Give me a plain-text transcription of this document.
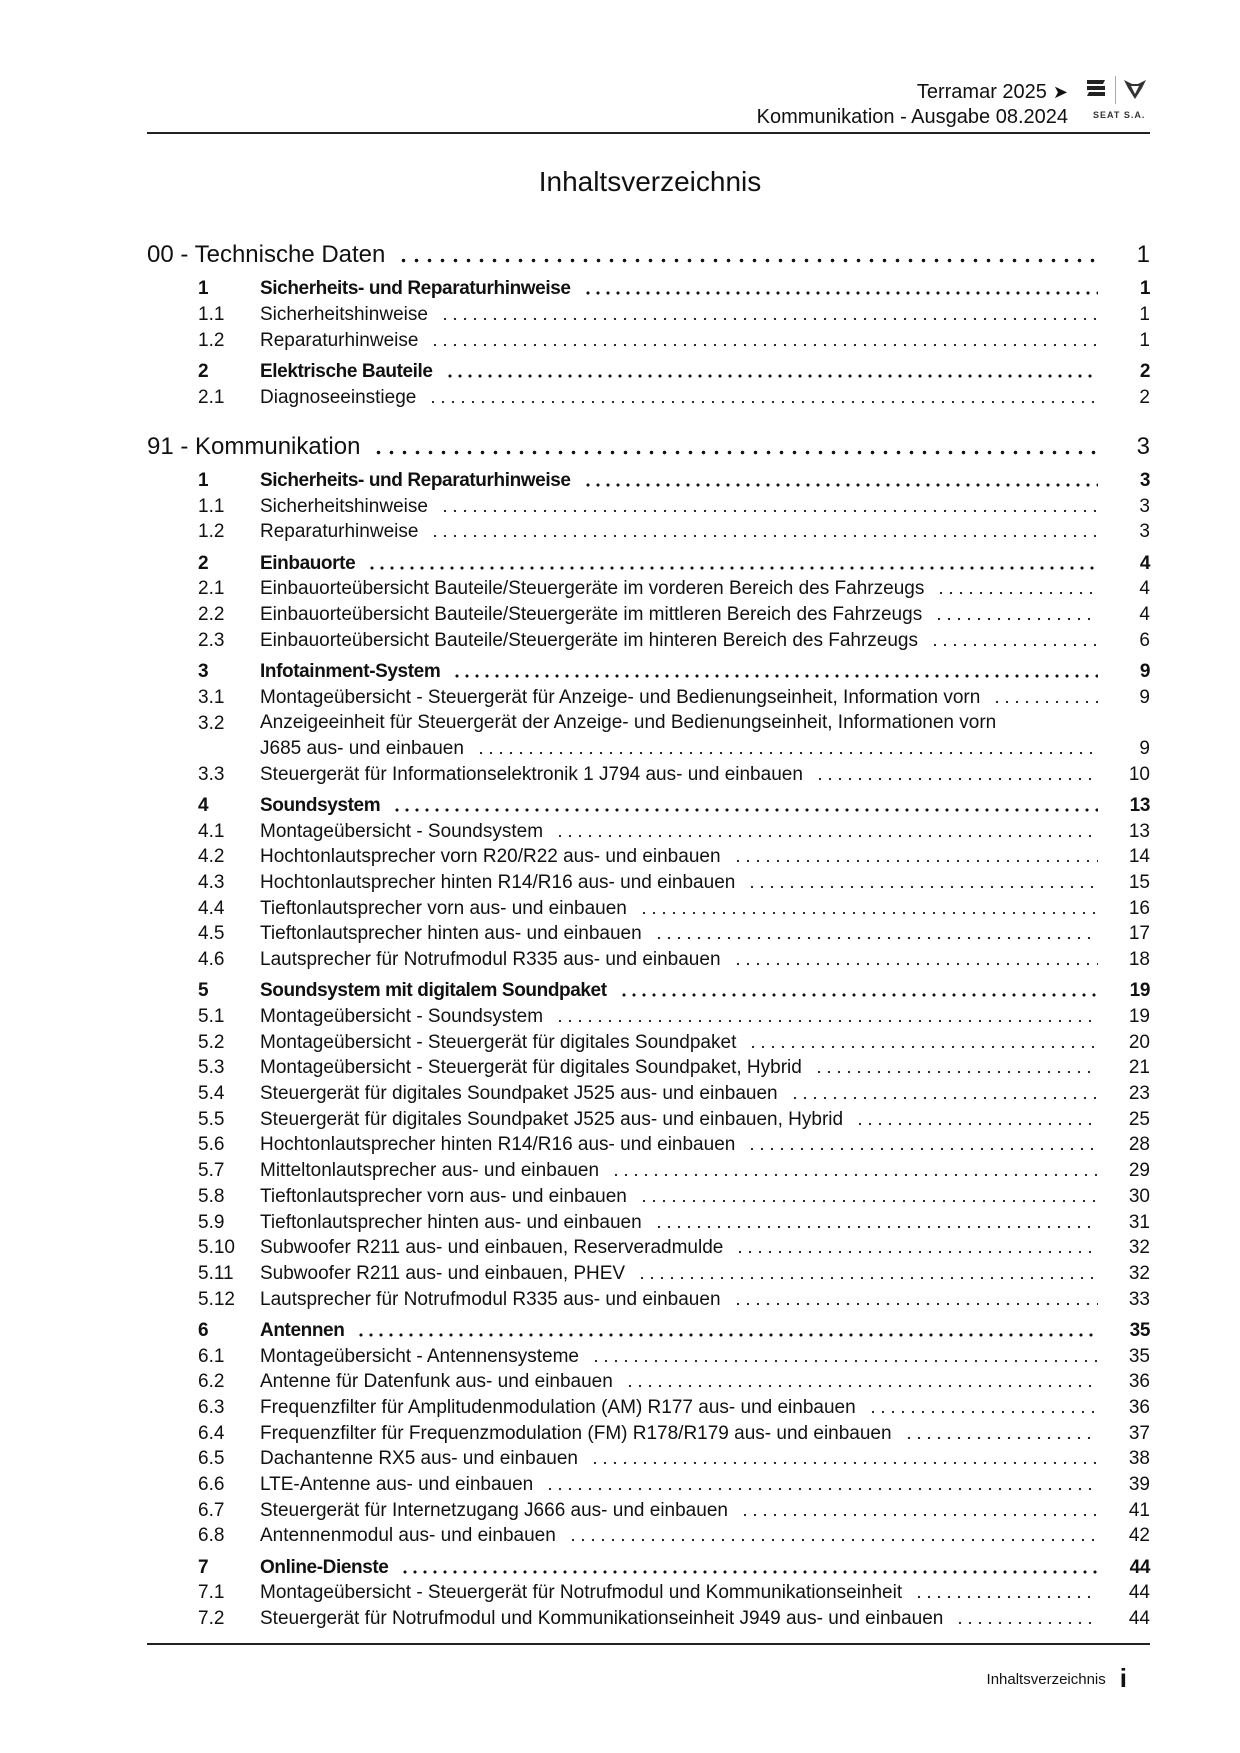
Terramar 2025 ➤
Kommunikation - Ausgabe 08.2024	SEAT S.A.
Inhaltsverzeichnis
00 - Technische Daten	1
1	Sicherheits- und Reparaturhinweise	1
1.1	Sicherheitshinweise	1
1.2	Reparaturhinweise	1
2	Elektrische Bauteile	2
2.1	Diagnoseeinstiege	2
91 - Kommunikation	3
1	Sicherheits- und Reparaturhinweise	3
1.1	Sicherheitshinweise	3
1.2	Reparaturhinweise	3
2	Einbauorte	4
2.1	Einbauorteübersicht Bauteile/Steuergeräte im vorderen Bereich des Fahrzeugs	4
2.2	Einbauorteübersicht Bauteile/Steuergeräte im mittleren Bereich des Fahrzeugs	4
2.3	Einbauorteübersicht Bauteile/Steuergeräte im hinteren Bereich des Fahrzeugs	6
3	Infotainment-System	9
3.1	Montageübersicht - Steuergerät für Anzeige- und Bedienungseinheit, Information vorn	9
3.2	Anzeigeeinheit für Steuergerät der Anzeige- und Bedienungseinheit, Informationen vorn
J685 aus- und einbauen	9
3.3	Steuergerät für Informationselektronik 1 J794 aus- und einbauen	10
4	Soundsystem	13
4.1	Montageübersicht - Soundsystem	13
4.2	Hochtonlautsprecher vorn R20/R22 aus- und einbauen	14
4.3	Hochtonlautsprecher hinten R14/R16 aus- und einbauen	15
4.4	Tieftonlautsprecher vorn aus- und einbauen	16
4.5	Tieftonlautsprecher hinten aus- und einbauen	17
4.6	Lautsprecher für Notrufmodul R335 aus- und einbauen	18
5	Soundsystem mit digitalem Soundpaket	19
5.1	Montageübersicht - Soundsystem	19
5.2	Montageübersicht - Steuergerät für digitales Soundpaket	20
5.3	Montageübersicht - Steuergerät für digitales Soundpaket, Hybrid	21
5.4	Steuergerät für digitales Soundpaket J525 aus- und einbauen	23
5.5	Steuergerät für digitales Soundpaket J525 aus- und einbauen, Hybrid	25
5.6	Hochtonlautsprecher hinten R14/R16 aus- und einbauen	28
5.7	Mitteltonlautsprecher aus- und einbauen	29
5.8	Tieftonlautsprecher vorn aus- und einbauen	30
5.9	Tieftonlautsprecher hinten aus- und einbauen	31
5.10	Subwoofer R211 aus- und einbauen, Reserveradmulde	32
5.11	Subwoofer R211 aus- und einbauen, PHEV	32
5.12	Lautsprecher für Notrufmodul R335 aus- und einbauen	33
6	Antennen	35
6.1	Montageübersicht - Antennensysteme	35
6.2	Antenne für Datenfunk aus- und einbauen	36
6.3	Frequenzfilter für Amplitudenmodulation (AM) R177 aus- und einbauen	36
6.4	Frequenzfilter für Frequenzmodulation (FM) R178/R179 aus- und einbauen	37
6.5	Dachantenne RX5 aus- und einbauen	38
6.6	LTE-Antenne aus- und einbauen	39
6.7	Steuergerät für Internetzugang J666 aus- und einbauen	41
6.8	Antennenmodul aus- und einbauen	42
7	Online-Dienste	44
7.1	Montageübersicht - Steuergerät für Notrufmodul und Kommunikationseinheit	44
7.2	Steuergerät für Notrufmodul und Kommunikationseinheit J949 aus- und einbauen	44
Inhaltsverzeichnis i
